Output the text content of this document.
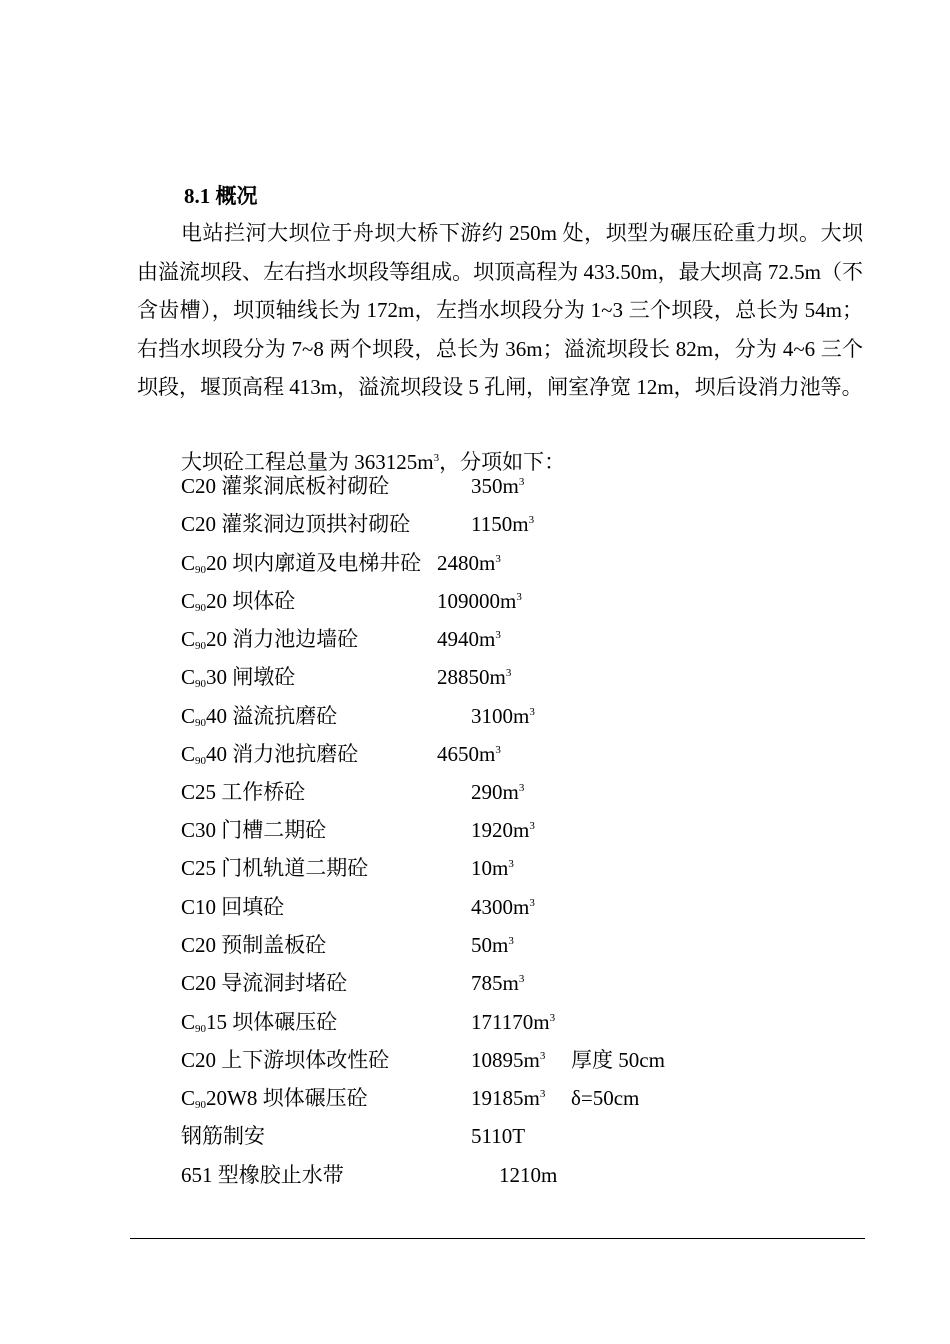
8.1 概况

电站拦河大坝位于舟坝大桥下游约 250m 处，坝型为碾压砼重力坝。大坝由溢流坝段、左右挡水坝段等组成。坝顶高程为 433.50m，最大坝高 72.5m（不含齿槽），坝顶轴线长为 172m，左挡水坝段分为 1~3 三个坝段，总长为 54m；右挡水坝段分为 7~8 两个坝段，总长为 36m；溢流坝段长 82m，分为 4~6 三个坝段，堰顶高程 413m，溢流坝段设 5 孔闸，闸室净宽 12m，坝后设消力池等。

大坝砼工程总量为 $363125m^3$，分项如下：
C20 灌浆洞底板衬砌砼	$350m^3$
C20 灌浆洞边顶拱衬砌砼	$1150m^3$
$C_{90}20$ 坝内廓道及电梯井砼 $2480m^3$
$C_{90}20$ 坝体砼	$109000m^3$
$C_{90}20$ 消力池边墙砼	$4940m^3$
$C_{90}30$ 闸墩砼	$28850m^3$
$C_{90}40$ 溢流抗磨砼	$3100m^3$
$C_{90}40$ 消力池抗磨砼	$4650m^3$
C25 工作桥砼	$290m^3$
C30 门槽二期砼	$1920m^3$
C25 门机轨道二期砼	$10m^3$
C10 回填砼	$4300m^3$
C20 预制盖板砼	$50m^3$
C20 导流洞封堵砼	$785m^3$
$C_{90}15$ 坝体碾压砼	$171170m^3$
C20 上下游坝体改性砼	$10895m^3$ 厚度 50cm
$C_{90}20W8$ 坝体碾压砼	$19185m^3$ δ=50cm
钢筋制安	5110T
651 型橡胶止水带	1210m
